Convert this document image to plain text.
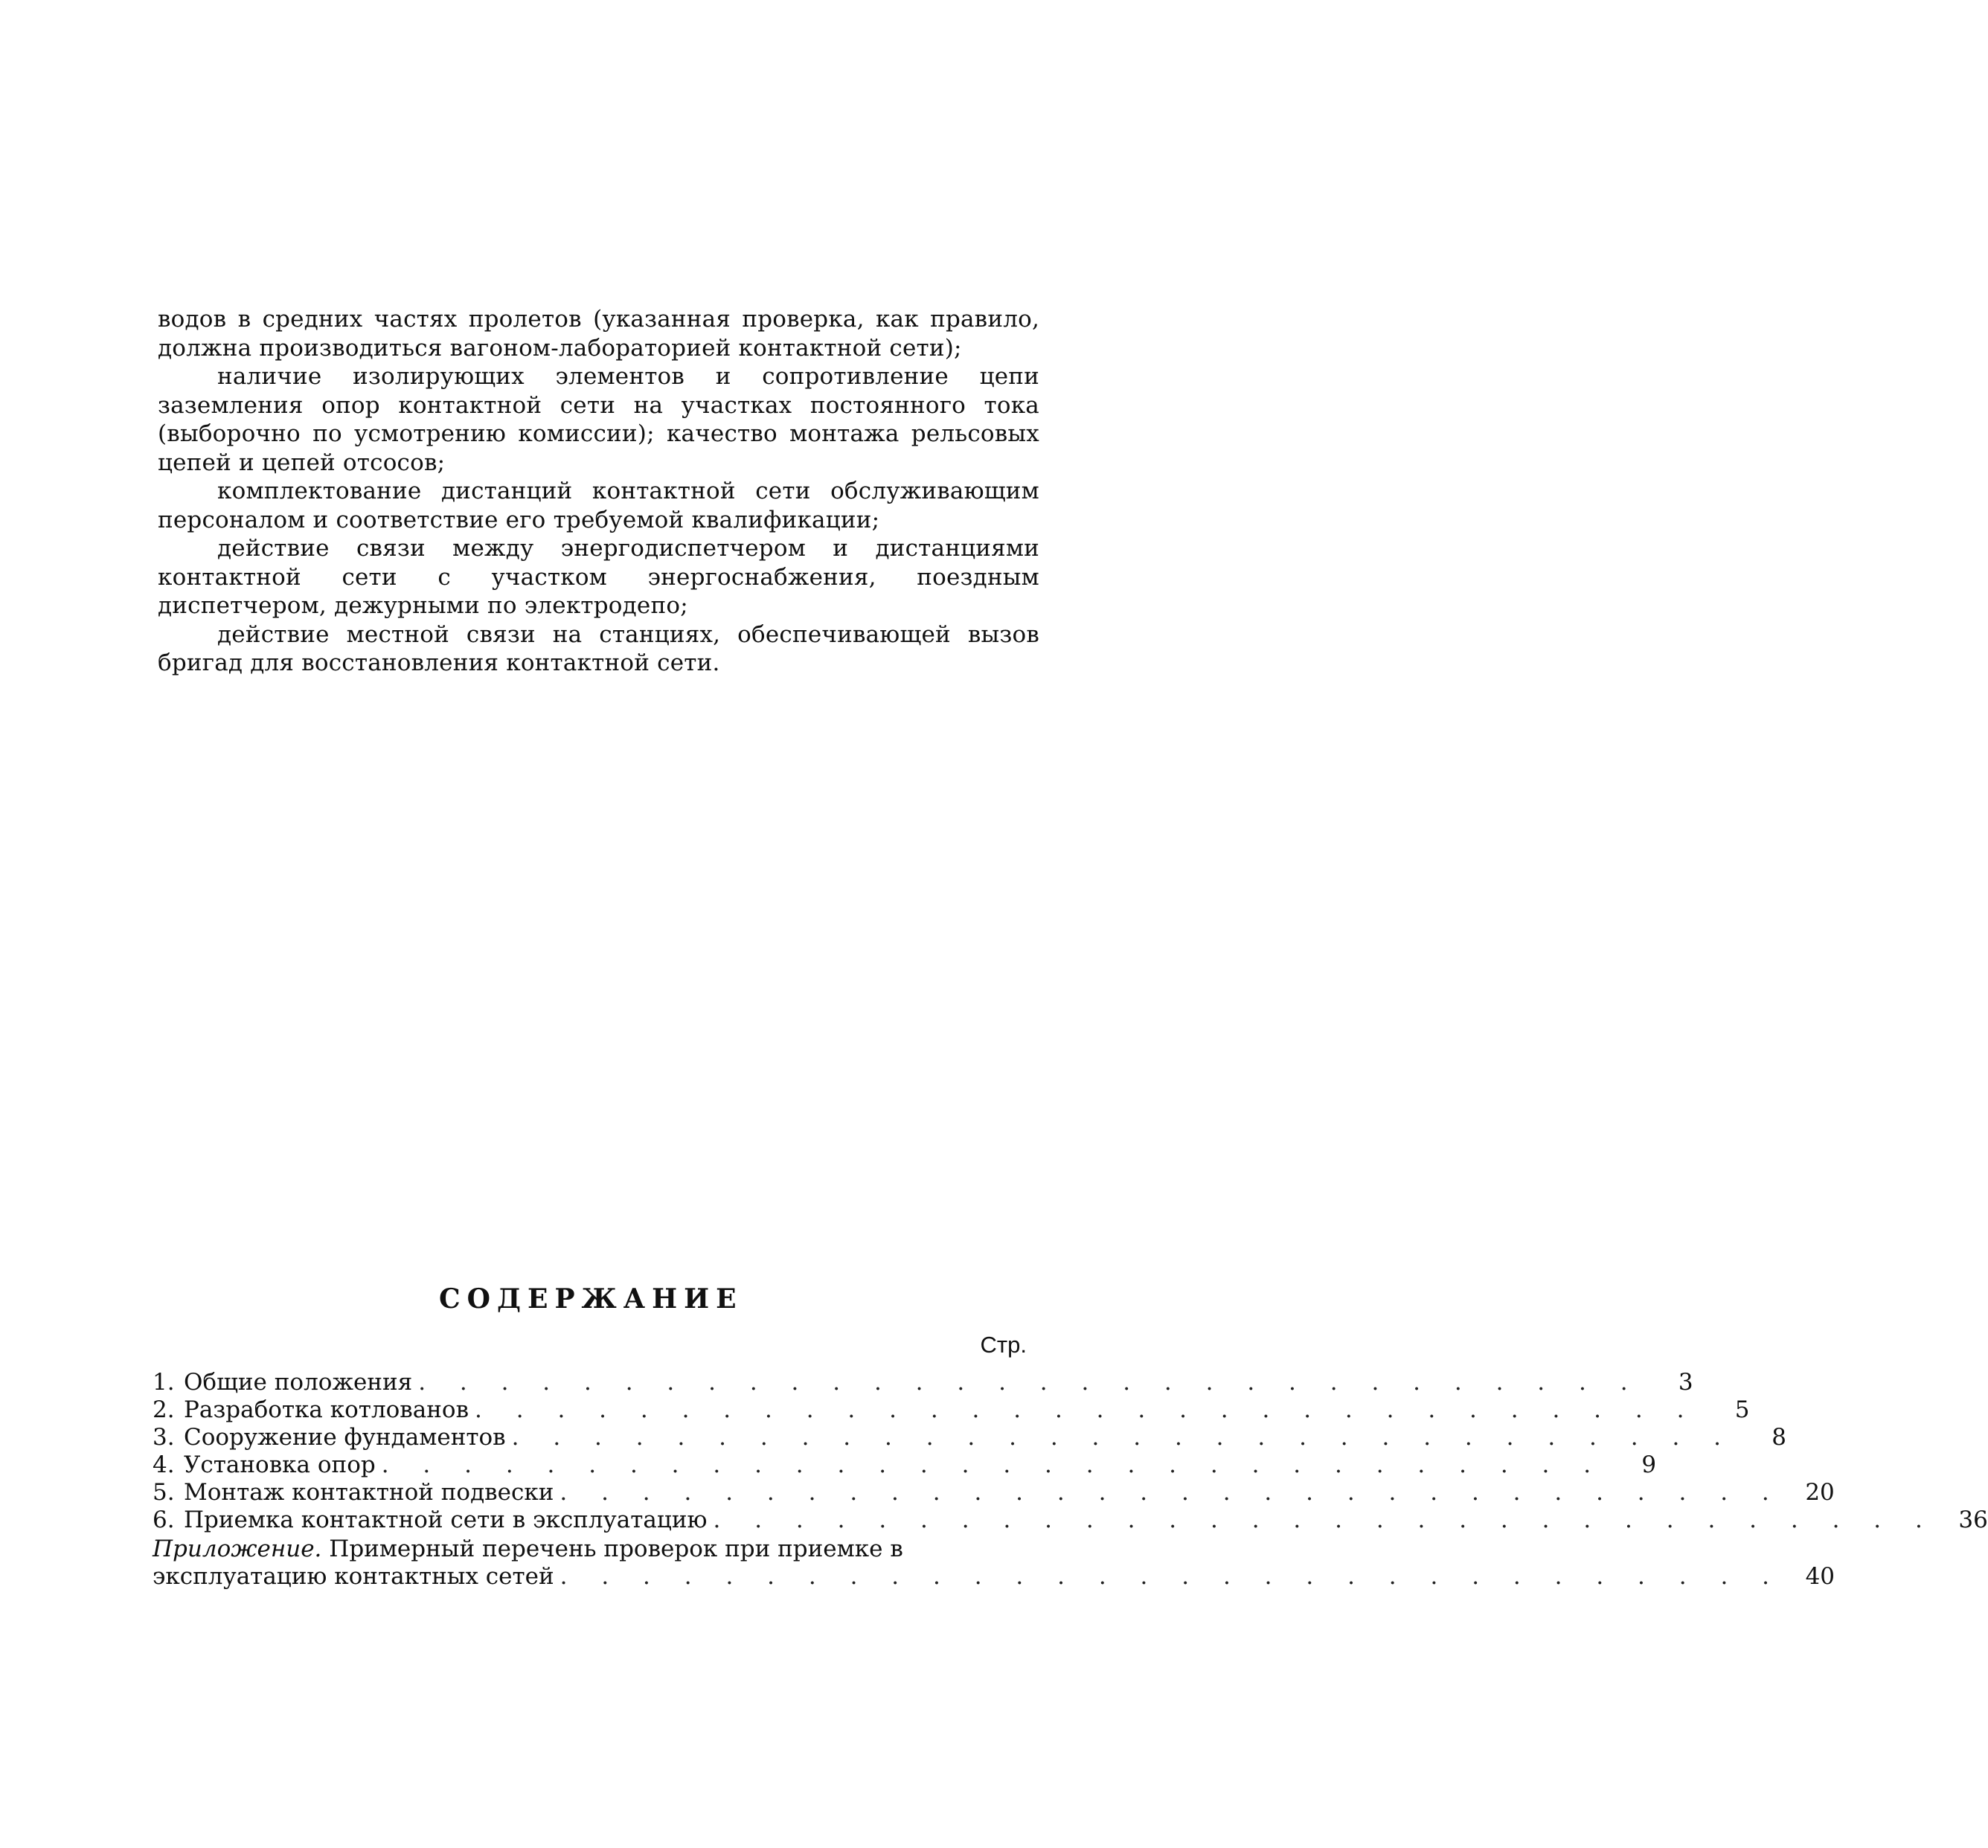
водов в средних частях пролетов (указанная проверка, как правило, должна производиться вагоном-лабораторией контактной сети);

наличие изолирующих элементов и сопротивление цепи заземления опор контактной сети на участках постоянного тока (выборочно по усмотрению комиссии); качество монтажа рельсовых цепей и цепей отсосов;

комплектование дистанций контактной сети обслуживающим персоналом и соответствие его требуемой квалификации;

действие связи между энергодиспетчером и дистанциями контактной сети с участком энергоснабжения, поездным диспетчером, дежурными по электродепо;

действие местной связи на станциях, обеспечивающей вызов бригад для восстановления контактной сети.

СОДЕРЖАНИЕ
Стр.
1. Общие положения . . . . . . . . . . . . . . . . . . . . . . . . . . . . . .	3
2. Разработка котлованов . . . . . . . . . . . . . . . . . . . . . . . . . . . . . .	5
3. Сооружение фундаментов . . . . . . . . . . . . . . . . . . . . . . . . . . . . . .	8
4. Установка опор . . . . . . . . . . . . . . . . . . . . . . . . . . . . . .	9
5. Монтаж контактной подвески . . . . . . . . . . . . . . . . . . . . . . . . . . . . . . 20
6. Приемка контактной сети в эксплуатацию . . . . . . . . . . . . . . . . . . . . . . . . . . . . . . 36
Приложение. Примерный перечень проверок при приемке в
эксплуатацию контактных сетей . . . . . . . . . . . . . . . . . . . . . . . . . . . . . . 40
